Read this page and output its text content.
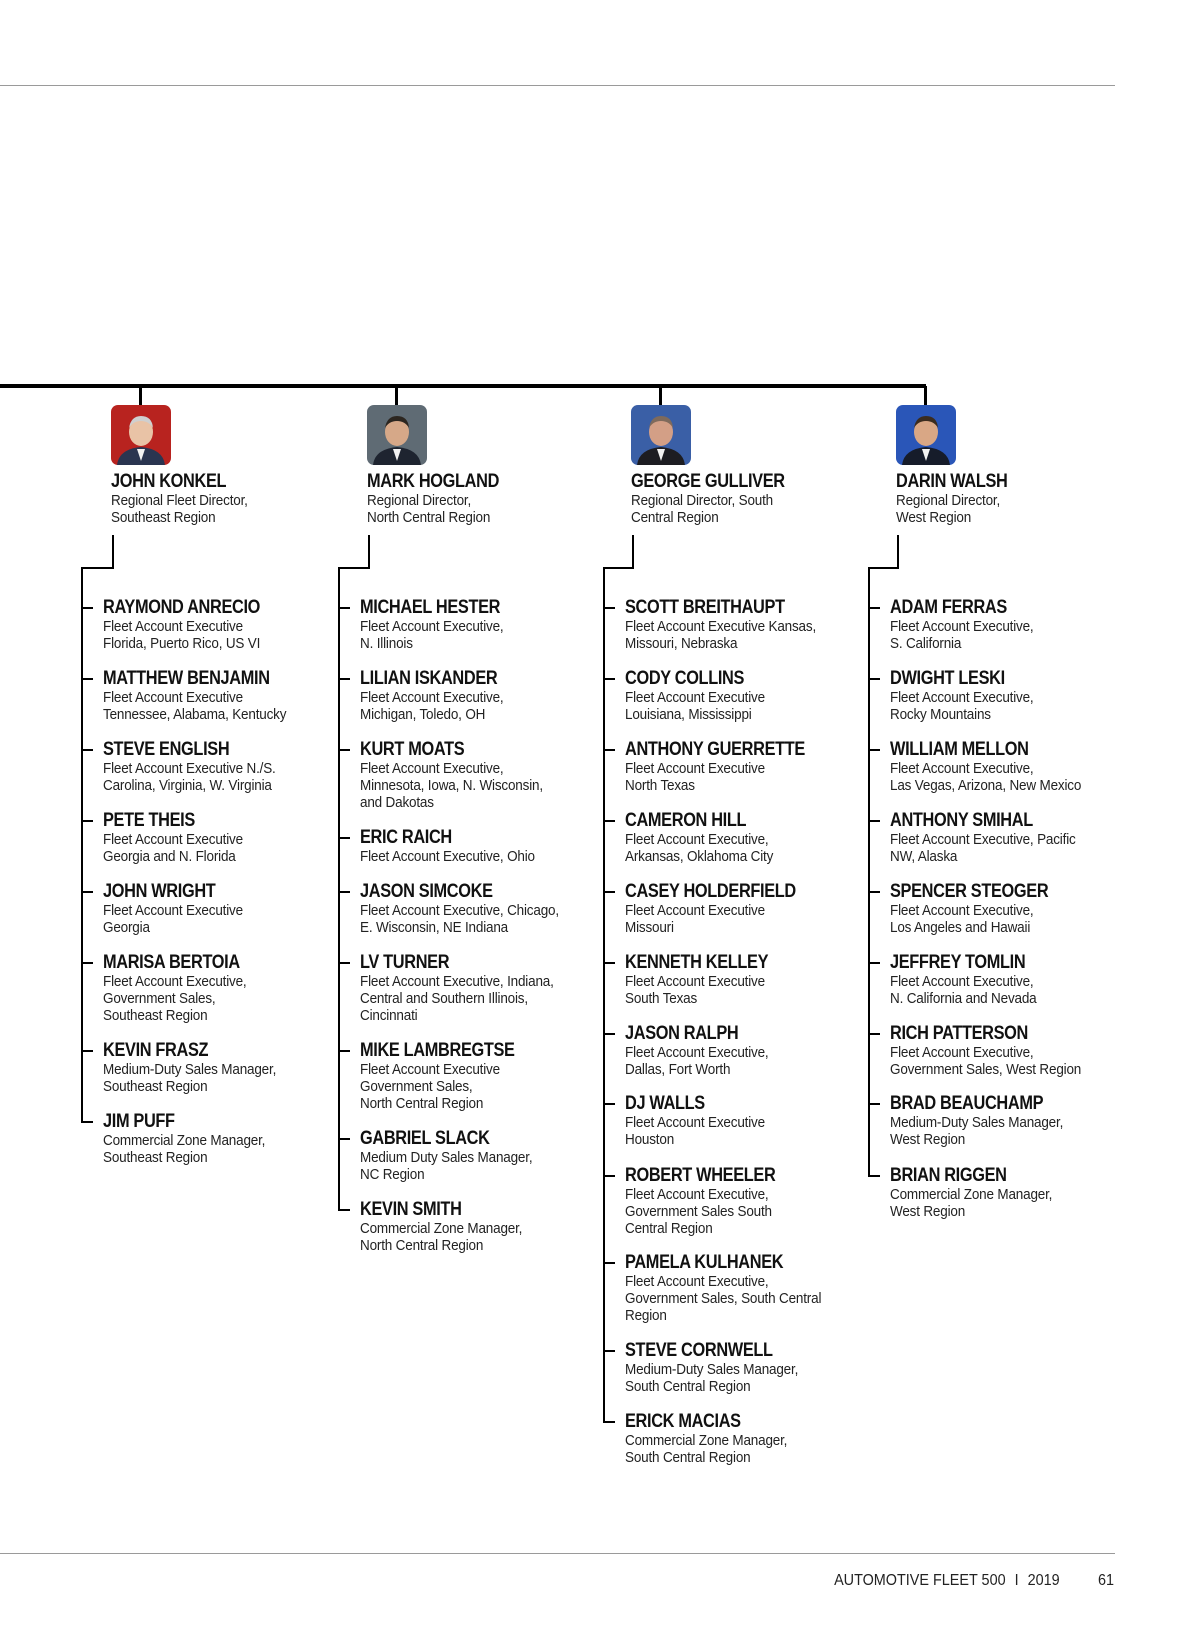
JOHN KONKEL
Regional Fleet Director,
Southeast Region
RAYMOND ANRECIO
Fleet Account Executive
Florida, Puerto Rico, US VI
MATTHEW BENJAMIN
Fleet Account Executive
Tennessee, Alabama, Kentucky
STEVE ENGLISH
Fleet Account Executive N./S.
Carolina, Virginia, W. Virginia
PETE THEIS
Fleet Account Executive
Georgia and N. Florida
JOHN WRIGHT
Fleet Account Executive
Georgia
MARISA BERTOIA
Fleet Account Executive,
Government Sales,
Southeast Region
KEVIN FRASZ
Medium-Duty Sales Manager,
Southeast Region
JIM PUFF
Commercial Zone Manager,
Southeast Region
MARK HOGLAND
Regional Director,
North Central Region
MICHAEL HESTER
Fleet Account Executive,
N. Illinois
LILIAN ISKANDER
Fleet Account Executive,
Michigan, Toledo, OH
KURT MOATS
Fleet Account Executive,
Minnesota, Iowa, N. Wisconsin,
and Dakotas
ERIC RAICH
Fleet Account Executive, Ohio
JASON SIMCOKE
Fleet Account Executive, Chicago,
E. Wisconsin, NE Indiana
LV TURNER
Fleet Account Executive, Indiana,
Central and Southern Illinois,
Cincinnati
MIKE LAMBREGTSE
Fleet Account Executive
Government Sales,
North Central Region
GABRIEL SLACK
Medium Duty Sales Manager,
NC Region
KEVIN SMITH
Commercial Zone Manager,
North Central Region
GEORGE GULLIVER
Regional Director, South
Central Region
SCOTT BREITHAUPT
Fleet Account Executive Kansas,
Missouri, Nebraska
CODY COLLINS
Fleet Account Executive
Louisiana, Mississippi
ANTHONY GUERRETTE
Fleet Account Executive
North Texas
CAMERON HILL
Fleet Account Executive,
Arkansas, Oklahoma City
CASEY HOLDERFIELD
Fleet Account Executive
Missouri
KENNETH KELLEY
Fleet Account Executive
South Texas
JASON RALPH
Fleet Account Executive,
Dallas, Fort Worth
DJ WALLS
Fleet Account Executive
Houston
ROBERT WHEELER
Fleet Account Executive,
Government Sales South
Central Region
PAMELA KULHANEK
Fleet Account Executive,
Government Sales, South Central
Region
STEVE CORNWELL
Medium-Duty Sales Manager,
South Central Region
ERICK MACIAS
Commercial Zone Manager,
South Central Region
DARIN WALSH
Regional Director,
West Region
ADAM FERRAS
Fleet Account Executive,
S. California
DWIGHT LESKI
Fleet Account Executive,
Rocky Mountains
WILLIAM MELLON
Fleet Account Executive,
Las Vegas, Arizona, New Mexico
ANTHONY SMIHAL
Fleet Account Executive, Pacific
NW, Alaska
SPENCER STEOGER
Fleet Account Executive,
Los Angeles and Hawaii
JEFFREY TOMLIN
Fleet Account Executive,
N. California and Nevada
RICH PATTERSON
Fleet Account Executive,
Government Sales, West Region
BRAD BEAUCHAMP
Medium-Duty Sales Manager,
West Region
BRIAN RIGGEN
Commercial Zone Manager,
West Region
AUTOMOTIVE FLEET 500 I 2019 61
